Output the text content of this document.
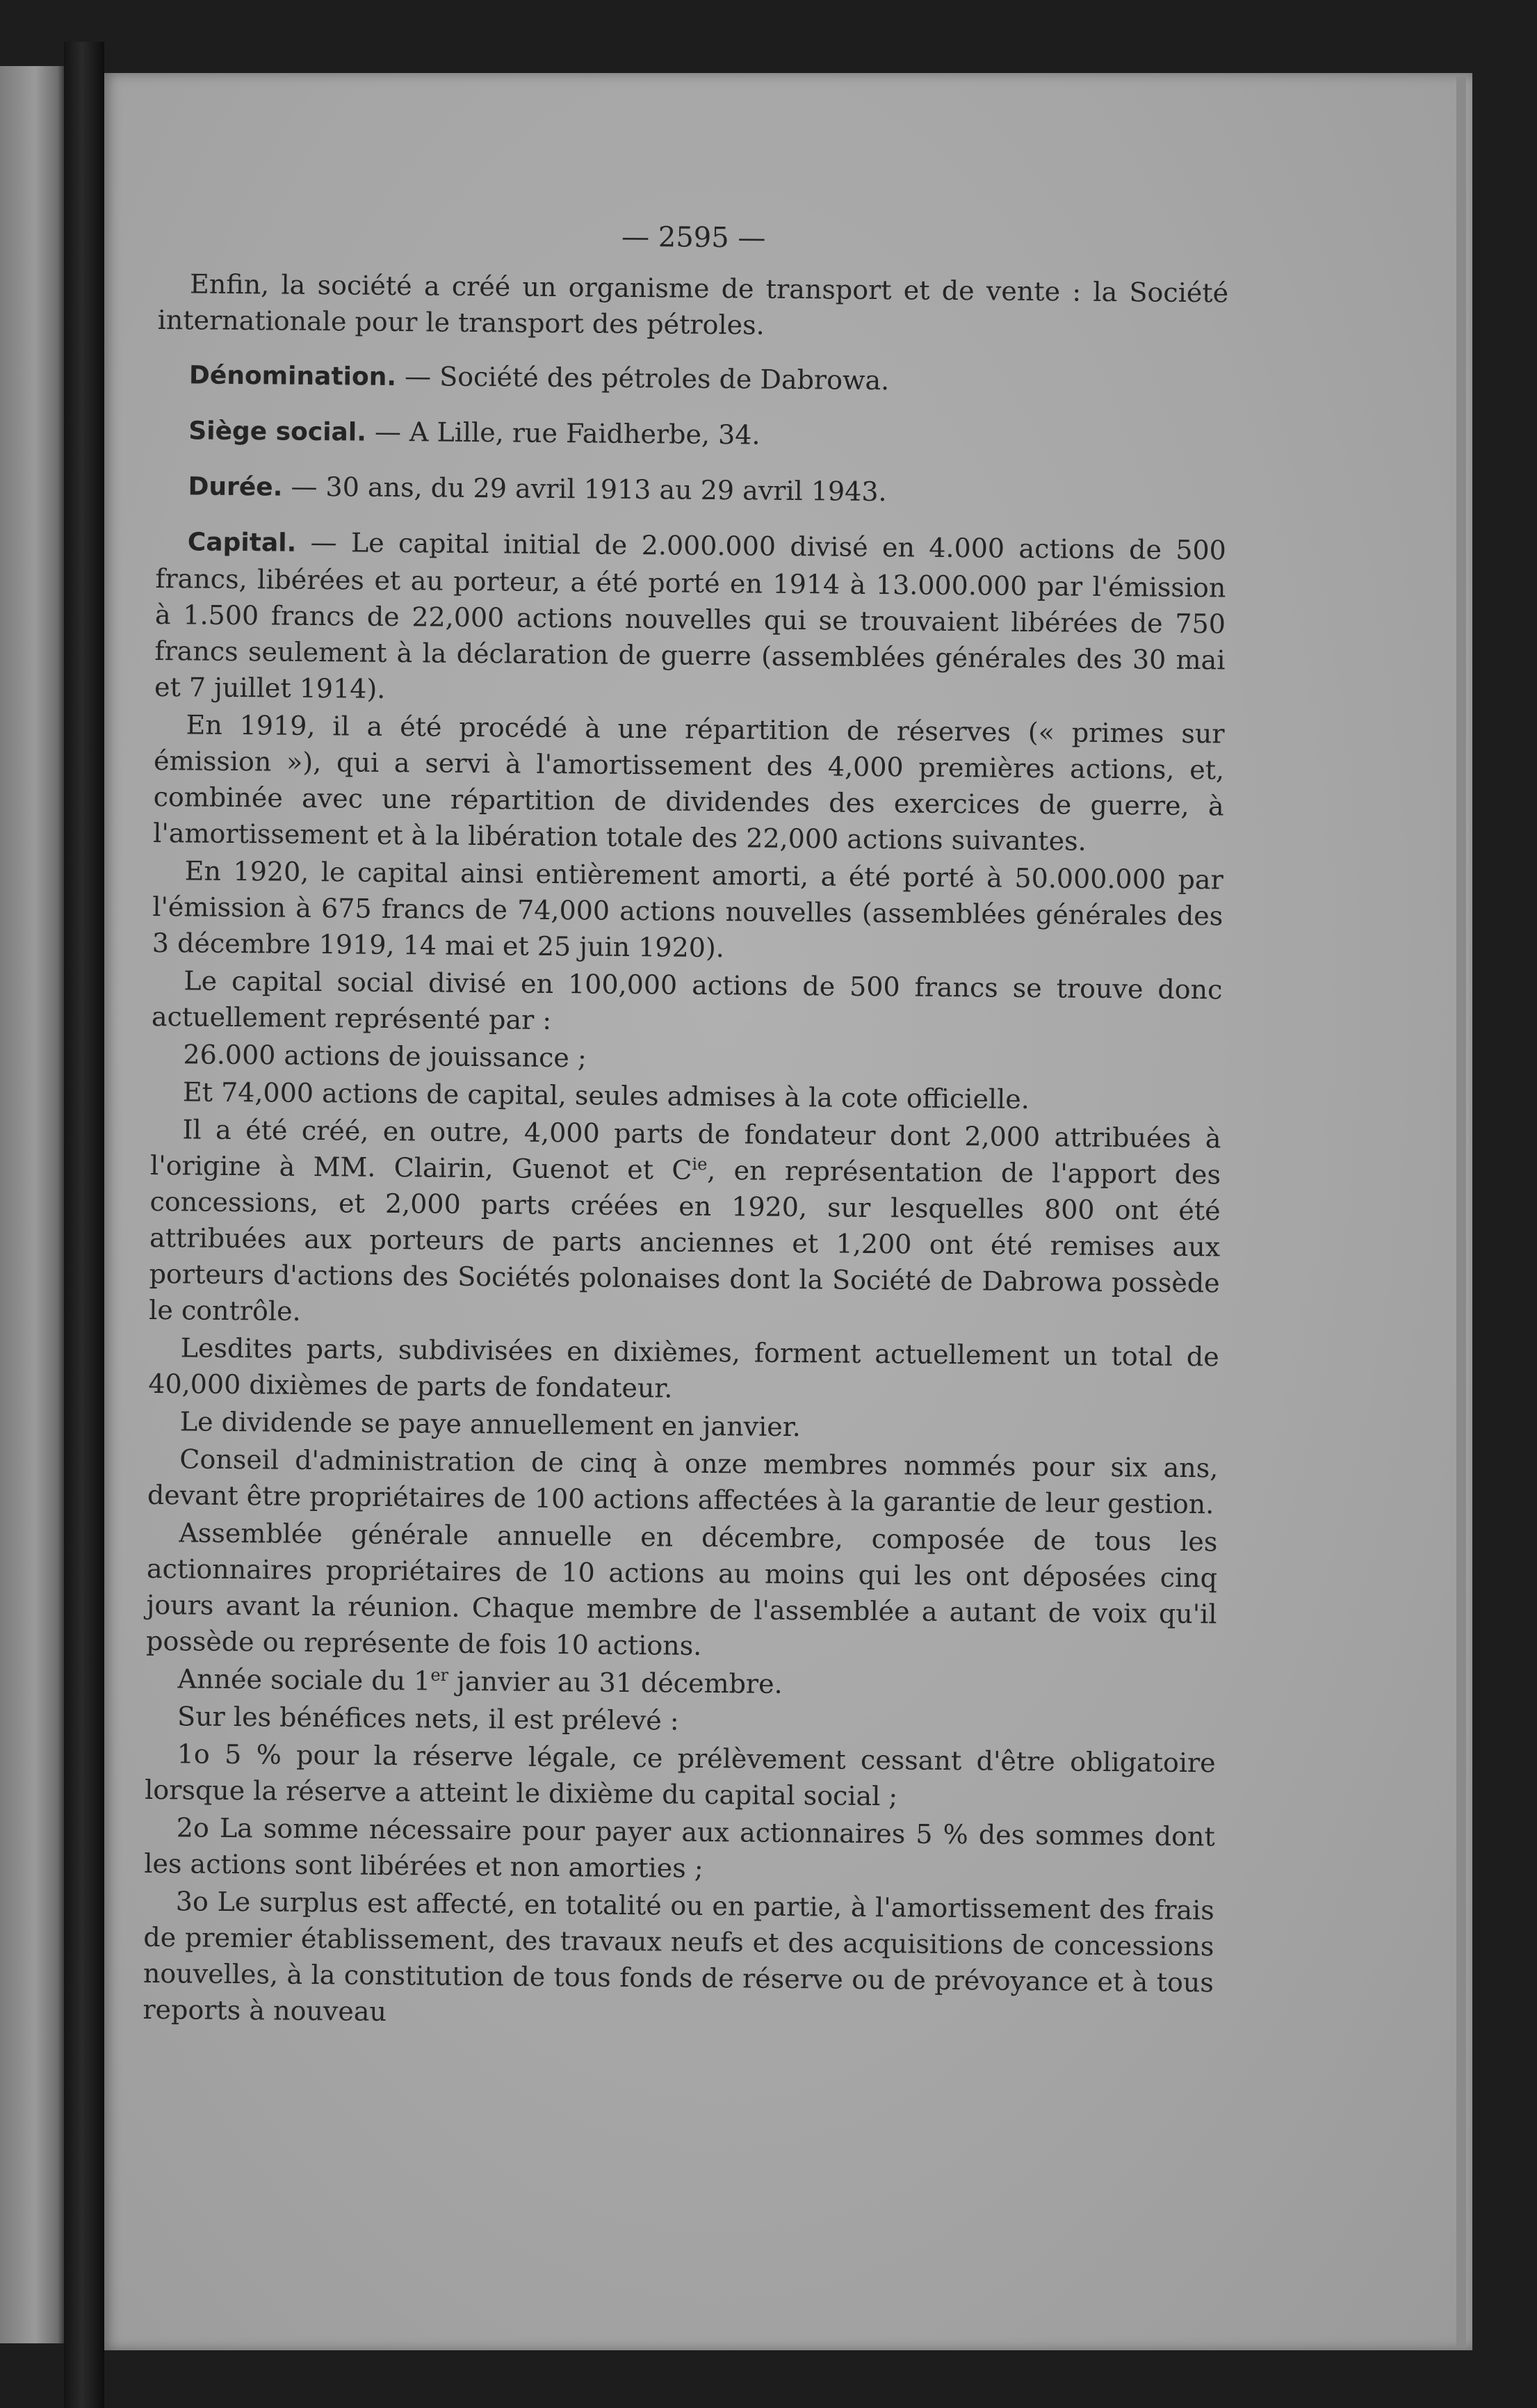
— 2595 —

Enfin, la société a créé un organisme de transport et de vente : la Société internationale pour le transport des pétroles.

Dénomination. — Société des pétroles de Dabrowa.

Siège social. — A Lille, rue Faidherbe, 34.

Durée. — 30 ans, du 29 avril 1913 au 29 avril 1943.

Capital. — Le capital initial de 2.000.000 divisé en 4.000 actions de 500 francs, libérées et au porteur, a été porté en 1914 à 13.000.000 par l'émission à 1.500 francs de 22,000 actions nouvelles qui se trouvaient libérées de 750 francs seulement à la déclaration de guerre (assemblées générales des 30 mai et 7 juillet 1914).

En 1919, il a été procédé à une répartition de réserves (« primes sur émission »), qui a servi à l'amortissement des 4,000 premières actions, et, combinée avec une répartition de dividendes des exercices de guerre, à l'amortissement et à la libération totale des 22,000 actions suivantes.

En 1920, le capital ainsi entièrement amorti, a été porté à 50.000.000 par l'émission à 675 francs de 74,000 actions nouvelles (assemblées générales des 3 décembre 1919, 14 mai et 25 juin 1920).

Le capital social divisé en 100,000 actions de 500 francs se trouve donc actuellement représenté par :

26.000 actions de jouissance ;

Et 74,000 actions de capital, seules admises à la cote officielle.

Il a été créé, en outre, 4,000 parts de fondateur dont 2,000 attribuées à l'origine à MM. Clairin, Guenot et $C^{ie}$, en représentation de l'apport des concessions, et 2,000 parts créées en 1920, sur lesquelles 800 ont été attribuées aux porteurs de parts anciennes et 1,200 ont été remises aux porteurs d'actions des Sociétés polonaises dont la Société de Dabrowa possède le contrôle.

Lesdites parts, subdivisées en dixièmes, forment actuellement un total de 40,000 dixièmes de parts de fondateur.

Le dividende se paye annuellement en janvier.

Conseil d'administration de cinq à onze membres nommés pour six ans, devant être propriétaires de 100 actions affectées à la garantie de leur gestion.

Assemblée générale annuelle en décembre, composée de tous les actionnaires propriétaires de 10 actions au moins qui les ont déposées cinq jours avant la réunion. Chaque membre de l'assemblée a autant de voix qu'il possède ou représente de fois 10 actions.

Année sociale du 1er janvier au 31 décembre.

Sur les bénéfices nets, il est prélevé :

1o 5 % pour la réserve légale, ce prélèvement cessant d'être obligatoire lorsque la réserve a atteint le dixième du capital social ;

2o La somme nécessaire pour payer aux actionnaires 5 % des sommes dont les actions sont libérées et non amorties ;

3o Le surplus est affecté, en totalité ou en partie, à l'amortissement des frais de premier établissement, des travaux neufs et des acquisitions de concessions nouvelles, à la constitution de tous fonds de réserve ou de prévoyance et à tous reports à nouveau
